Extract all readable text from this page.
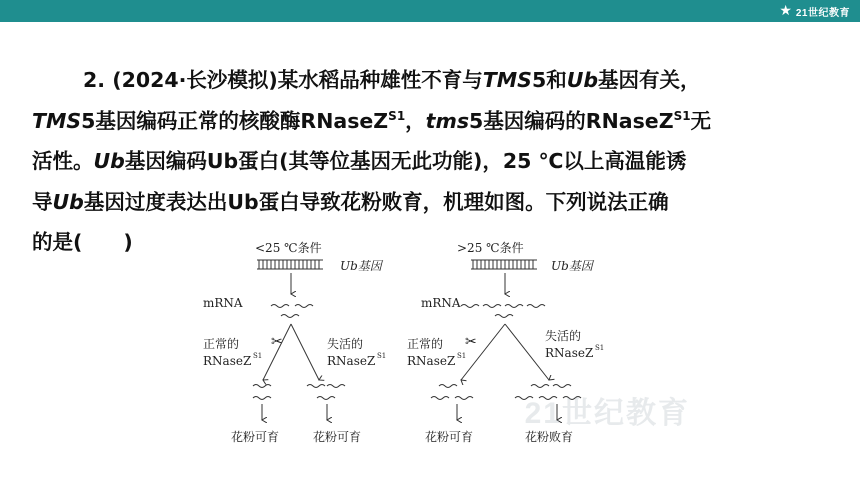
★ 21世纪教育
2. (2024·长沙模拟)某水稻品种雄性不育与TMS5和Ub基因有关，
TMS5基因编码正常的核酸酶RNaseZ$^{S1}$，tms5基因编码的RNaseZ$^{S1}$无
活性。Ub基因编码Ub蛋白(其等位基因无此功能)，25 ℃以上高温能诱
导Ub基因过度表达出Ub蛋白导致花粉败育，机理如图。下列说法正确
的是(　　)	<25 ℃条件
Ub基因
mRNA
✂
正常的
RNaseZ S1
失活的
RNaseZ S1
花粉可育	花粉可育
>25 ℃条件
Ub基因
mRNA
✂
正常的
RNaseZ S1
失活的
RNaseZ S1
花粉可育	花粉败育
21世纪教育
